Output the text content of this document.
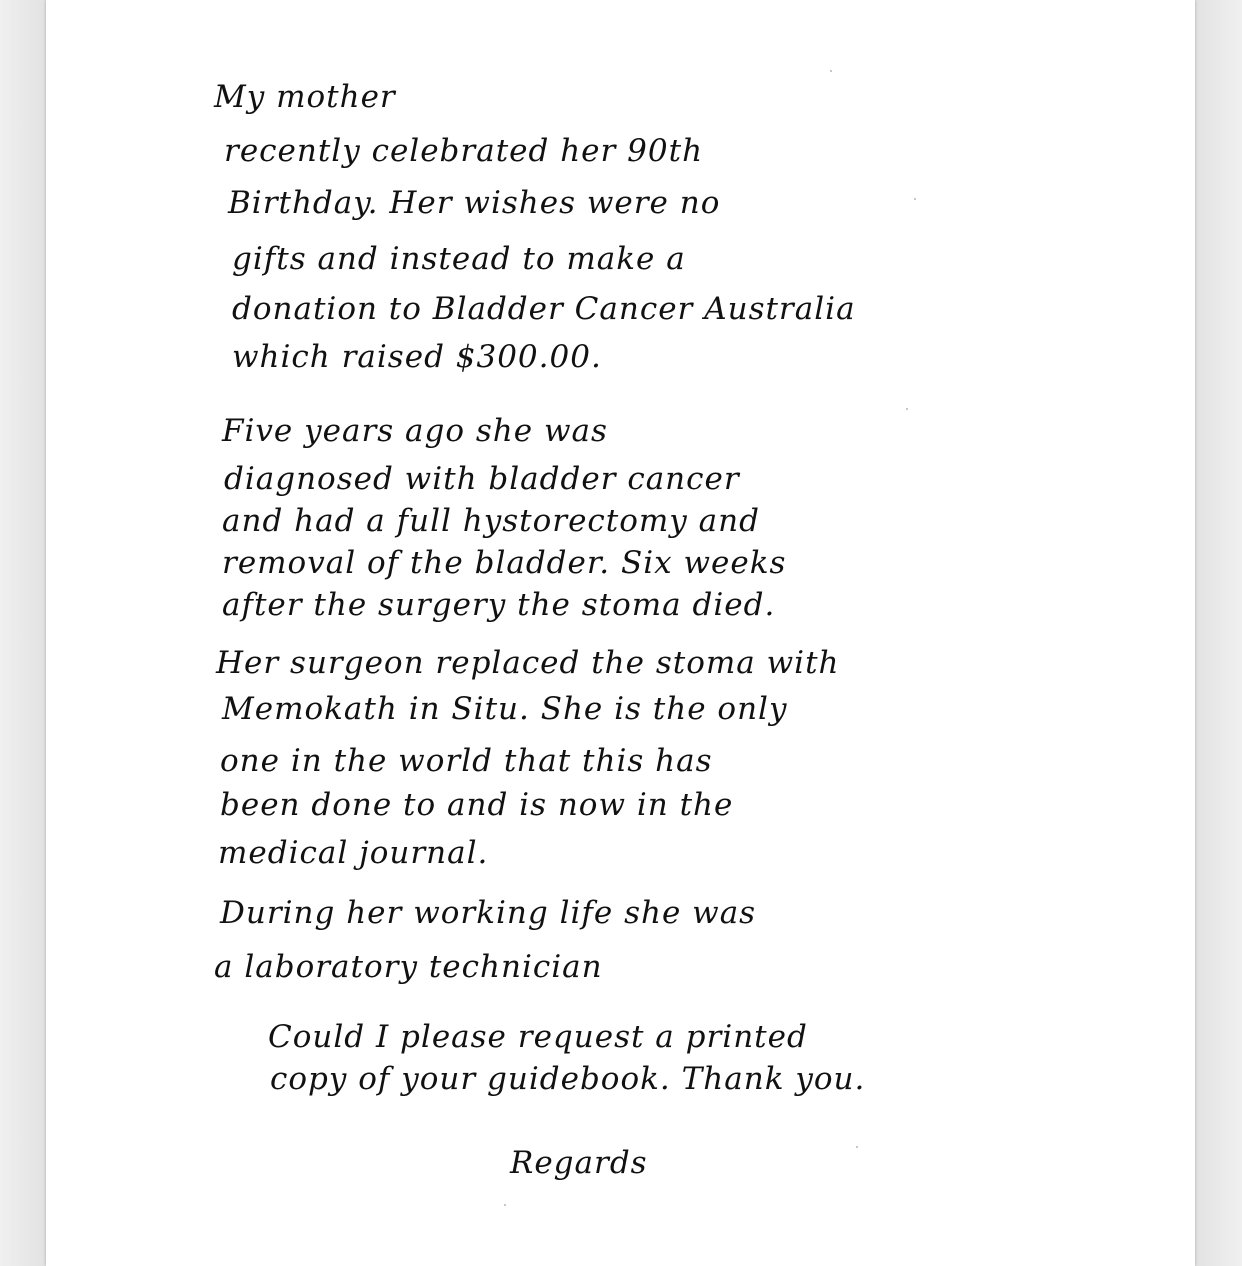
My mother
recently celebrated her 90th
Birthday. Her wishes were no
gifts and instead to make a
donation to Bladder Cancer Australia
which raised $300.00.
Five years ago she was
diagnosed with bladder cancer
and had a full hystorectomy and
removal of the bladder. Six weeks
after the surgery the stoma died.
Her surgeon replaced the stoma with
Memokath in Situ. She is the only
one in the world that this has
been done to and is now in the
medical journal.
During her working life she was
a laboratory technician
Could I please request a printed
copy of your guidebook. Thank you.
Regards
